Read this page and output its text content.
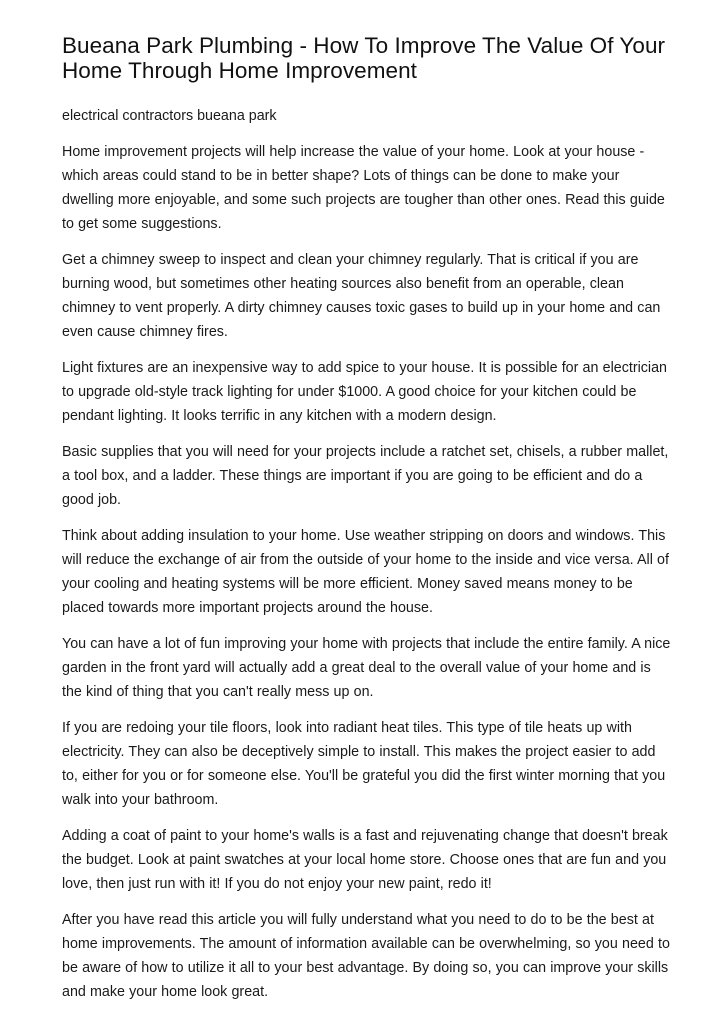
Bueana Park Plumbing - How To Improve The Value Of Your Home Through Home Improvement

electrical contractors bueana park

Home improvement projects will help increase the value of your home. Look at your house - which areas could stand to be in better shape? Lots of things can be done to make your dwelling more enjoyable, and some such projects are tougher than other ones. Read this guide to get some suggestions.

Get a chimney sweep to inspect and clean your chimney regularly. That is critical if you are burning wood, but sometimes other heating sources also benefit from an operable, clean chimney to vent properly. A dirty chimney causes toxic gases to build up in your home and can even cause chimney fires.

Light fixtures are an inexpensive way to add spice to your house. It is possible for an electrician to upgrade old-style track lighting for under $1000. A good choice for your kitchen could be pendant lighting. It looks terrific in any kitchen with a modern design.

Basic supplies that you will need for your projects include a ratchet set, chisels, a rubber mallet, a tool box, and a ladder. These things are important if you are going to be efficient and do a good job.

Think about adding insulation to your home. Use weather stripping on doors and windows. This will reduce the exchange of air from the outside of your home to the inside and vice versa. All of your cooling and heating systems will be more efficient. Money saved means money to be placed towards more important projects around the house.

You can have a lot of fun improving your home with projects that include the entire family. A nice garden in the front yard will actually add a great deal to the overall value of your home and is the kind of thing that you can't really mess up on.

If you are redoing your tile floors, look into radiant heat tiles. This type of tile heats up with electricity. They can also be deceptively simple to install. This makes the project easier to add to, either for you or for someone else. You'll be grateful you did the first winter morning that you walk into your bathroom.

Adding a coat of paint to your home's walls is a fast and rejuvenating change that doesn't break the budget. Look at paint swatches at your local home store. Choose ones that are fun and you love, then just run with it! If you do not enjoy your new paint, redo it!

After you have read this article you will fully understand what you need to do to be the best at home improvements. The amount of information available can be overwhelming, so you need to be aware of how to utilize it all to your best advantage. By doing so, you can improve your skills and make your home look great.
